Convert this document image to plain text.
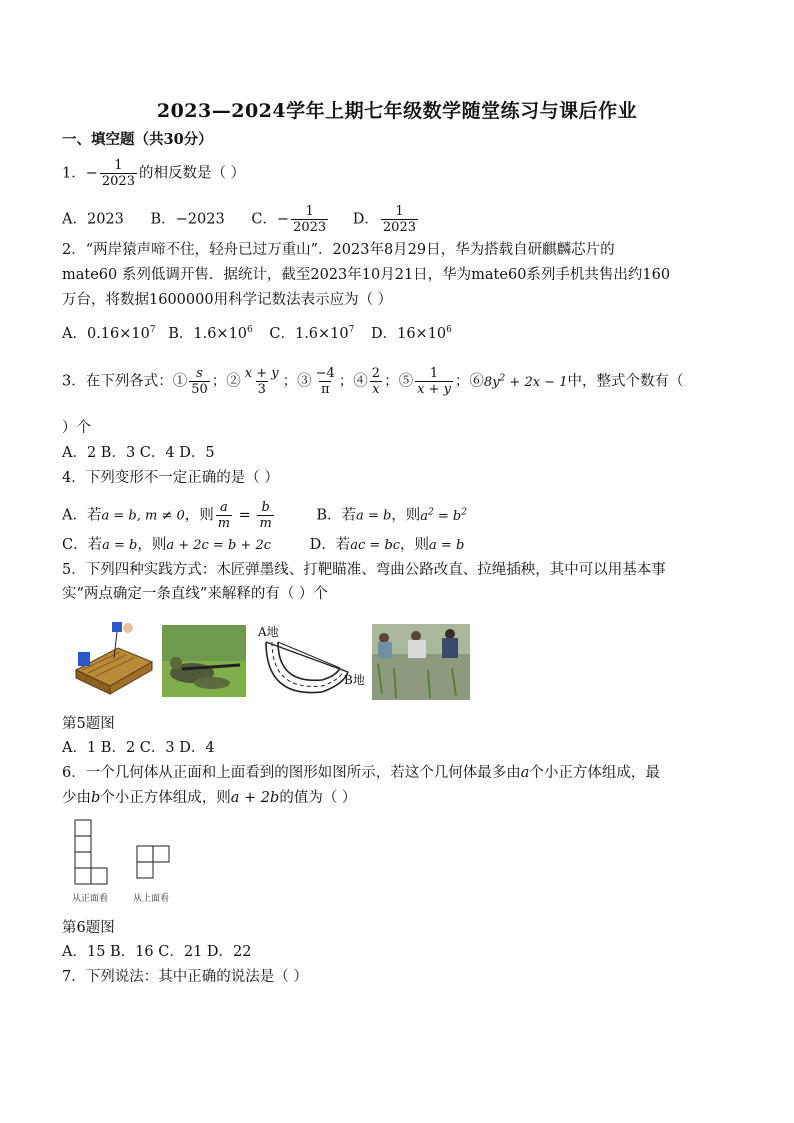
2023—2024学年上期七年级数学随堂练习与课后作业
一、填空题（共30分）
1．− $\frac{1}{2023}$ 的相反数是（ ）
A．2023 B．−2023 C．− $\frac{1}{2023}$ D． $\frac{1}{2023}$
2．“两岸猿声啼不住，轻舟已过万重山”．2023年8月29日，华为搭载自研麒麟芯片的
mate60 系列低调开售．据统计，截至2023年10月21日，华为mate60系列手机共售出约160
万台，将数据1600000用科学记数法表示应为（ ）
A．$0.16\times 10^7$ B．$1.6\times 10^6$ C．$1.6\times 10^7$ D．$16\times 10^6$
3．在下列各式：① $\frac{s}{50}$ ；② $\frac{x + y}{3}$ ；③ $\frac{-4}{\pi}$ ；④ $\frac{2}{x}$ ；⑤ $\frac{1}{x + y}$ ；$⑥8y^2 + 2x - 1$中，整式个数有（
）个
A．2 B．3 C．4 D．5
4．下列变形不一定正确的是（ ）
A．若a = b, m ≠ 0，则 $\frac{a}{m} = \frac{b}{m}$	B．若a = b，则$a^2 = b^2$
C．若a = b，则a + 2c = b + 2c	D．若ac = bc，则a = b
5．下列四种实践方式：木匠弹墨线、打靶瞄准、弯曲公路改直、拉绳插秧，其中可以用基本事
实“两点确定一条直线”来解释的有（ ）个
A地
B地
第5题图
A．1 B．2 C．3 D．4
6．一个几何体从正面和上面看到的图形如图所示，若这个几何体最多由a个小正方体组成，最
少由b个小正方体组成，则a + 2b的值为（ ）
从正面看	从上面看
第6题图
A．15 B．16 C．21 D．22
7．下列说法：其中正确的说法是（ ）
